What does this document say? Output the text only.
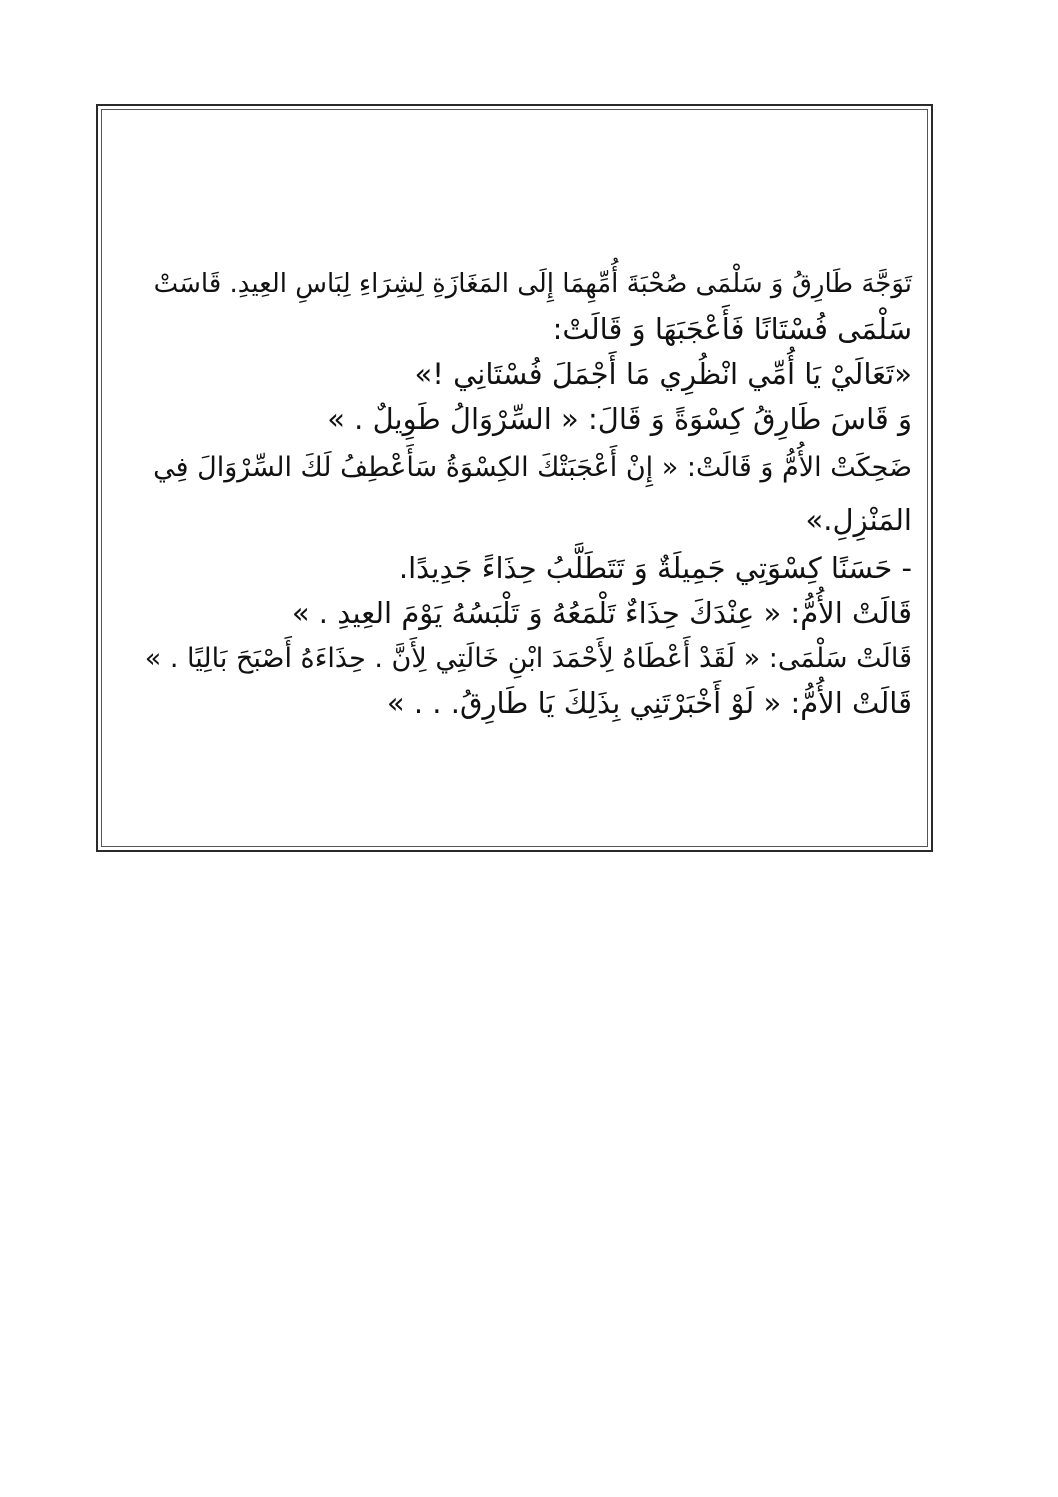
تَوَجَّهَ طَارِقُ وَ سَلْمَى صُحْبَةَ أُمِّهِمَا إِلَى المَغَازَةِ لِشِرَاءِ لِبَاسِ العِيدِ. قَاسَتْ
سَلْمَى فُسْتَانًا فَأَعْجَبَهَا وَ قَالَتْ:
«تَعَالَيْ يَا أُمِّي انْظُرِي مَا أَجْمَلَ فُسْتَانِي !»
وَ قَاسَ طَارِقُ كِسْوَةً وَ قَالَ: « السِّرْوَالُ طَوِيلٌ . »
ضَحِكَتْ الأُمُّ وَ قَالَتْ: « إِنْ أَعْجَبَتْكَ الكِسْوَةُ سَأَعْطِفُ لَكَ السِّرْوَالَ فِي
المَنْزِلِ.»
- حَسَنًا كِسْوَتِي جَمِيلَةٌ وَ تَتَطَلَّبُ حِذَاءً جَدِيدًا.
قَالَتْ الأُمُّ: « عِنْدَكَ حِذَاءٌ تَلْمَعُهُ وَ تَلْبَسُهُ يَوْمَ العِيدِ . »
قَالَتْ سَلْمَى: « لَقَدْ أَعْطَاهُ لِأَحْمَدَ ابْنِ خَالَتِي لِأَنَّ . حِذَاءَهُ أَصْبَحَ بَالِيًا . »
قَالَتْ الأُمُّ: « لَوْ أَخْبَرْتَنِي بِذَلِكَ يَا طَارِقُ. . . »
